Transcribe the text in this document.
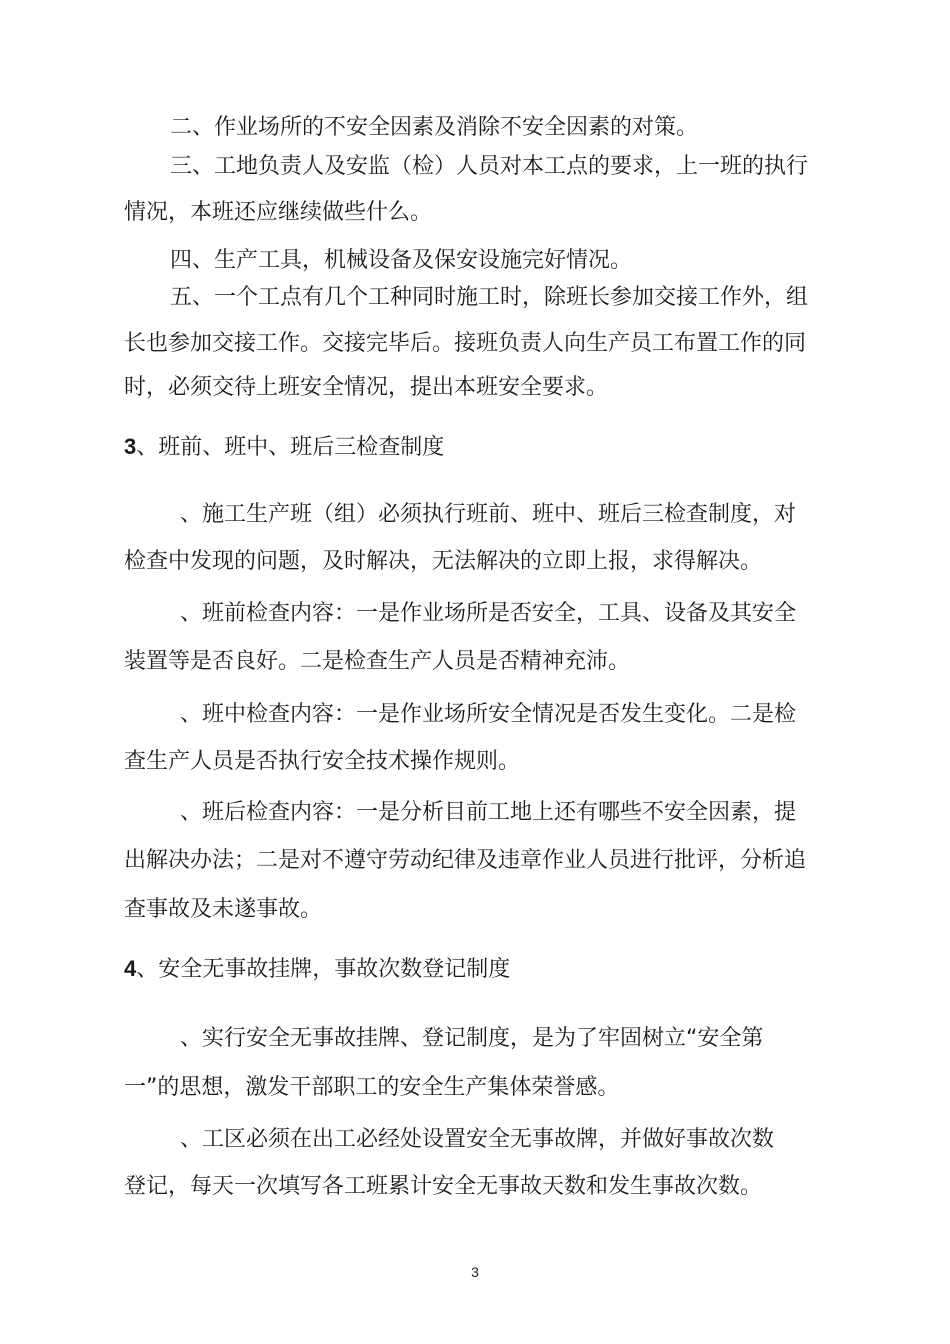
二、作业场所的不安全因素及消除不安全因素的对策。
三、工地负责人及安监（检）人员对本工点的要求，上一班的执行
情况，本班还应继续做些什么。
四、生产工具，机械设备及保安设施完好情况。
五、一个工点有几个工种同时施工时，除班长参加交接工作外，组
长也参加交接工作。交接完毕后。接班负责人向生产员工布置工作的同
时，必须交待上班安全情况，提出本班安全要求。
3、班前、班中、班后三检查制度
、施工生产班（组）必须执行班前、班中、班后三检查制度，对
检查中发现的问题，及时解决，无法解决的立即上报，求得解决。
、班前检查内容：一是作业场所是否安全，工具、设备及其安全
装置等是否良好。二是检查生产人员是否精神充沛。
、班中检查内容：一是作业场所安全情况是否发生变化。二是检
查生产人员是否执行安全技术操作规则。
、班后检查内容：一是分析目前工地上还有哪些不安全因素，提
出解决办法；二是对不遵守劳动纪律及违章作业人员进行批评，分析追
查事故及未遂事故。
4、安全无事故挂牌，事故次数登记制度
、实行安全无事故挂牌、登记制度，是为了牢固树立“安全第
一”的思想，激发干部职工的安全生产集体荣誉感。
、工区必须在出工必经处设置安全无事故牌，并做好事故次数
登记，每天一次填写各工班累计安全无事故天数和发生事故次数。
3
